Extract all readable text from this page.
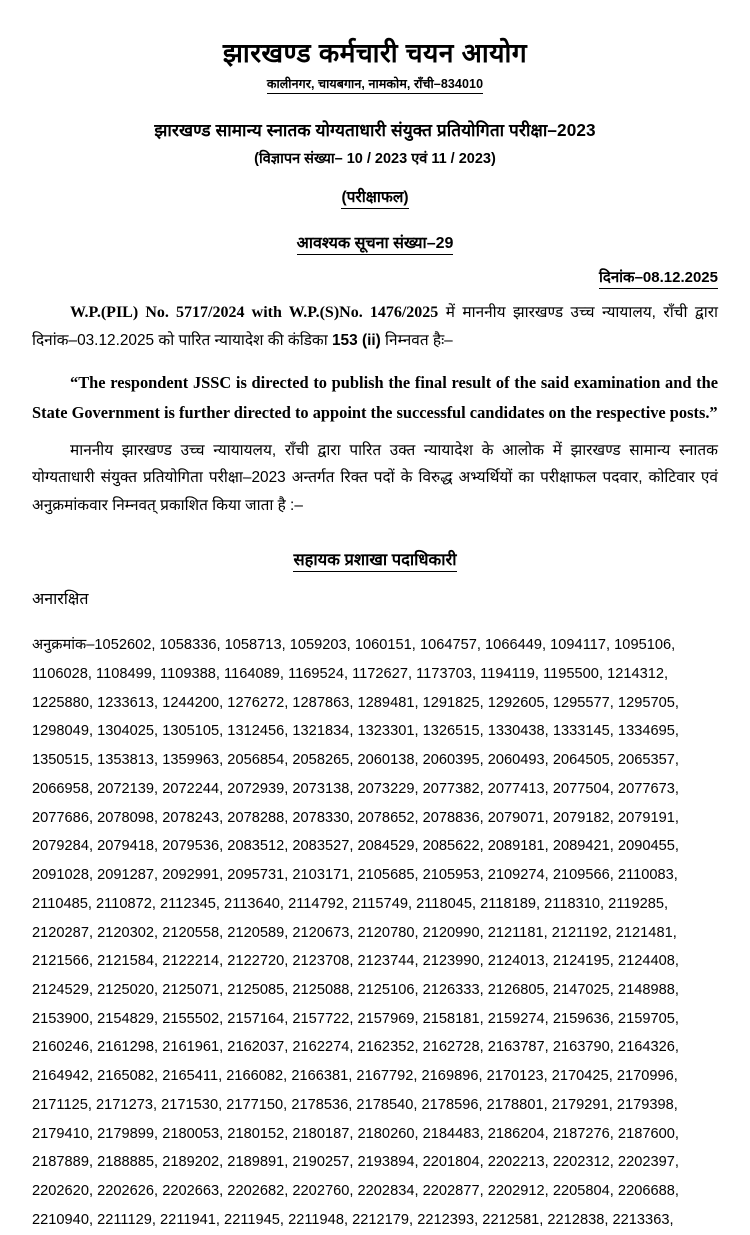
झारखण्ड कर्मचारी चयन आयोग
कालीनगर, चायबगान, नामकोम, राँची–834010
झारखण्ड सामान्य स्नातक योग्यताधारी संयुक्त प्रतियोगिता परीक्षा–2023
(विज्ञापन संख्या– 10 / 2023 एवं 11 / 2023)
(परीक्षाफल)
आवश्यक सूचना संख्या–29
दिनांक–08.12.2025
W.P.(PIL) No. 5717/2024 with W.P.(S)No. 1476/2025 में माननीय झारखण्ड उच्च न्यायालय, राँची द्वारा दिनांक–03.12.2025 को पारित न्यायादेश की कंडिका 153 (ii) निम्नवत है‍ः–
“The respondent JSSC is directed to publish the final result of the said examination and the State Government is further directed to appoint the successful candidates on the respective posts.”
माननीय झारखण्ड उच्च न्यायायलय, राँची द्वारा पारित उक्त न्यायादेश के आलोक में झारखण्ड सामान्य स्नातक योग्यताधारी संयुक्त प्रतियोगिता परीक्षा–2023 अन्तर्गत रिक्त पदों के विरुद्ध अभ्यर्थियों का परीक्षाफल पदवार, कोटिवार एवं अनुक्रमांकवार निम्नवत् प्रकाशित किया जाता है :–
सहायक प्रशाखा पदाधिकारी
अनारक्षित
अनुक्रमांक–1052602, 1058336, 1058713, 1059203, 1060151, 1064757, 1066449, 1094117, 1095106,
1106028, 1108499, 1109388, 1164089, 1169524, 1172627, 1173703, 1194119, 1195500, 1214312,
1225880, 1233613, 1244200, 1276272, 1287863, 1289481, 1291825, 1292605, 1295577, 1295705,
1298049, 1304025, 1305105, 1312456, 1321834, 1323301, 1326515, 1330438, 1333145, 1334695,
1350515, 1353813, 1359963, 2056854, 2058265, 2060138, 2060395, 2060493, 2064505, 2065357,
2066958, 2072139, 2072244, 2072939, 2073138, 2073229, 2077382, 2077413, 2077504, 2077673,
2077686, 2078098, 2078243, 2078288, 2078330, 2078652, 2078836, 2079071, 2079182, 2079191,
2079284, 2079418, 2079536, 2083512, 2083527, 2084529, 2085622, 2089181, 2089421, 2090455,
2091028, 2091287, 2092991, 2095731, 2103171, 2105685, 2105953, 2109274, 2109566, 2110083,
2110485, 2110872, 2112345, 2113640, 2114792, 2115749, 2118045, 2118189, 2118310, 2119285,
2120287, 2120302, 2120558, 2120589, 2120673, 2120780, 2120990, 2121181, 2121192, 2121481,
2121566, 2121584, 2122214, 2122720, 2123708, 2123744, 2123990, 2124013, 2124195, 2124408,
2124529, 2125020, 2125071, 2125085, 2125088, 2125106, 2126333, 2126805, 2147025, 2148988,
2153900, 2154829, 2155502, 2157164, 2157722, 2157969, 2158181, 2159274, 2159636, 2159705,
2160246, 2161298, 2161961, 2162037, 2162274, 2162352, 2162728, 2163787, 2163790, 2164326,
2164942, 2165082, 2165411, 2166082, 2166381, 2167792, 2169896, 2170123, 2170425, 2170996,
2171125, 2171273, 2171530, 2177150, 2178536, 2178540, 2178596, 2178801, 2179291, 2179398,
2179410, 2179899, 2180053, 2180152, 2180187, 2180260, 2184483, 2186204, 2187276, 2187600,
2187889, 2188885, 2189202, 2189891, 2190257, 2193894, 2201804, 2202213, 2202312, 2202397,
2202620, 2202626, 2202663, 2202682, 2202760, 2202834, 2202877, 2202912, 2205804, 2206688,
2210940, 2211129, 2211941, 2211945, 2211948, 2212179, 2212393, 2212581, 2212838, 2213363,
